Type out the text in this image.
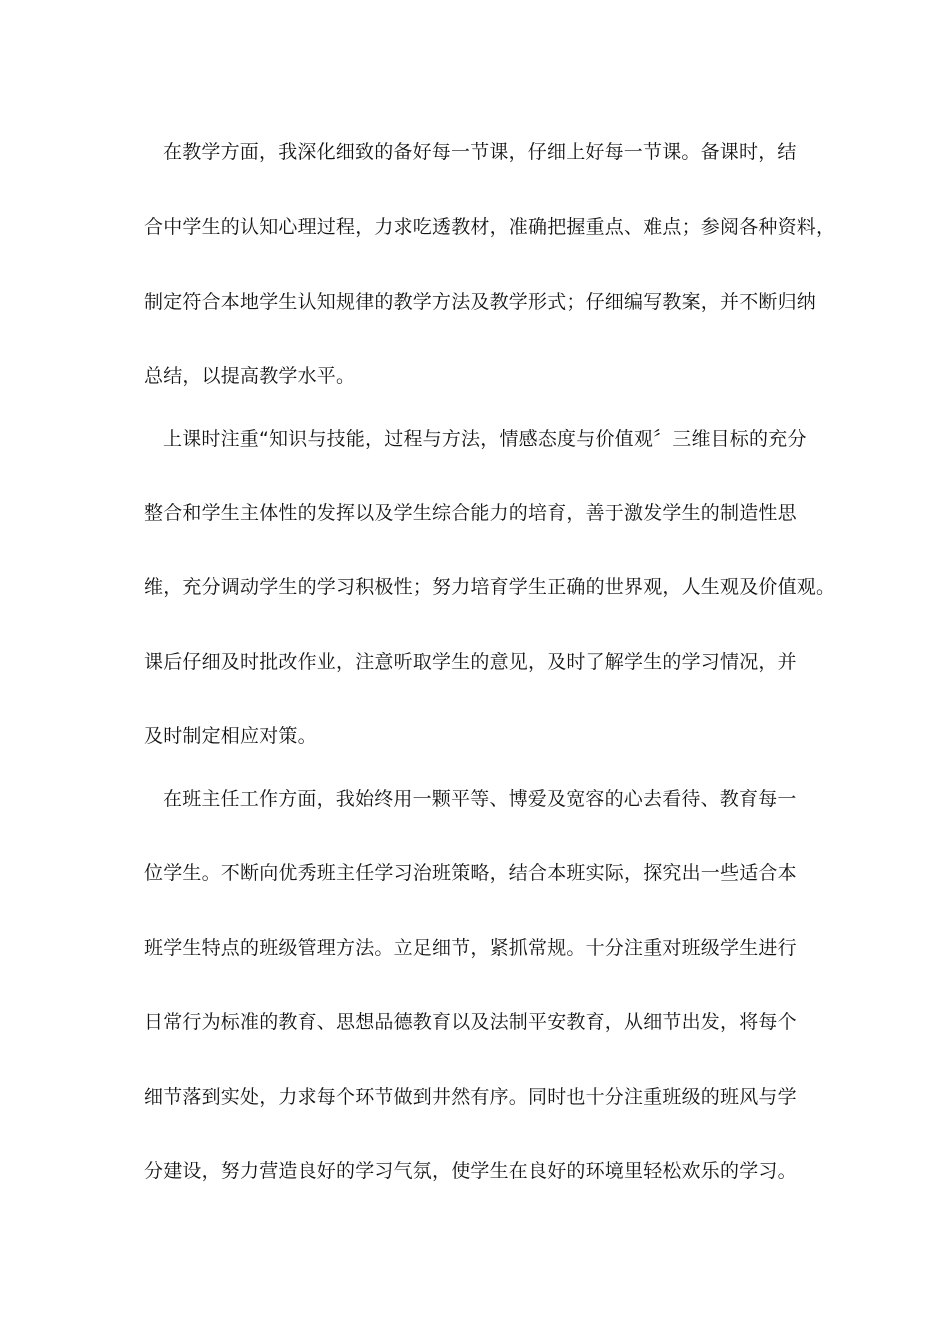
在教学方面，我深化细致的备好每一节课，仔细上好每一节课。备课时，结
合中学生的认知心理过程，力求吃透教材，准确把握重点、难点；参阅各种资料，
制定符合本地学生认知规律的教学方法及教学形式；仔细编写教案，并不断归纳
总结，以提高教学水平。
上课时注重“知识与技能，过程与方法，情感态度与价值观〞三维目标的充分
整合和学生主体性的发挥以及学生综合能力的培育，善于激发学生的制造性思
维，充分调动学生的学习积极性；努力培育学生正确的世界观，人生观及价值观。
课后仔细及时批改作业，注意听取学生的意见，及时了解学生的学习情况，并
及时制定相应对策。
在班主任工作方面，我始终用一颗平等、博爱及宽容的心去看待、教育每一
位学生。不断向优秀班主任学习治班策略，结合本班实际，探究出一些适合本
班学生特点的班级管理方法。立足细节，紧抓常规。十分注重对班级学生进行
日常行为标准的教育、思想品德教育以及法制平安教育，从细节出发，将每个
细节落到实处，力求每个环节做到井然有序。同时也十分注重班级的班风与学
分建设，努力营造良好的学习气氛，使学生在良好的环境里轻松欢乐的学习。
